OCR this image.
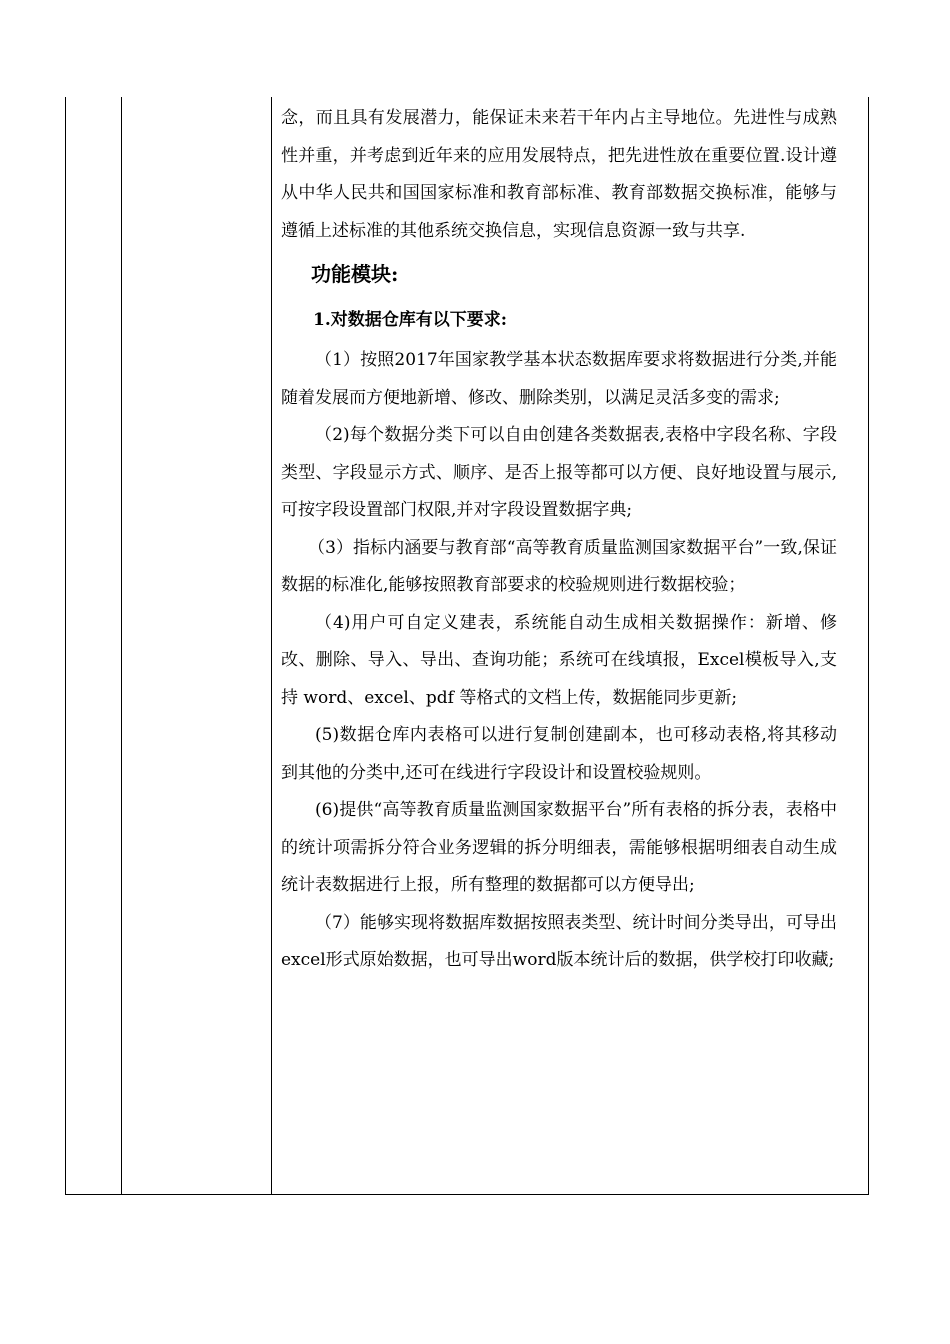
念，而且具有发展潜力，能保证未来若干年内占主导地位。先进性与成熟性并重，并考虑到近年来的应用发展特点，把先进性放在重要位置.设计遵从中华人民共和国国家标准和教育部标准、教育部数据交换标准，能够与遵循上述标准的其他系统交换信息，实现信息资源一致与共享.

功能模块:
1.对数据仓库有以下要求:

（1）按照2017年国家教学基本状态数据库要求将数据进行分类,并能随着发展而方便地新增、修改、删除类别，以满足灵活多变的需求;

（2)每个数据分类下可以自由创建各类数据表,表格中字段名称、字段类型、字段显示方式、顺序、是否上报等都可以方便、良好地设置与展示,可按字段设置部门权限,并对字段设置数据字典;

（3）指标内涵要与教育部“高等教育质量监测国家数据平台”一致,保证数据的标准化,能够按照教育部要求的校验规则进行数据校验；

（4)用户可自定义建表，系统能自动生成相关数据操作：新增、修改、删除、导入、导出、查询功能；系统可在线填报，Excel模板导入,支持 word、excel、pdf 等格式的文档上传，数据能同步更新;

(5)数据仓库内表格可以进行复制创建副本，也可移动表格,将其移动到其他的分类中,还可在线进行字段设计和设置校验规则。

(6)提供“高等教育质量监测国家数据平台”所有表格的拆分表，表格中的统计项需拆分符合业务逻辑的拆分明细表，需能够根据明细表自动生成统计表数据进行上报，所有整理的数据都可以方便导出;

（7）能够实现将数据库数据按照表类型、统计时间分类导出，可导出excel形式原始数据，也可导出word版本统计后的数据，供学校打印收藏;
